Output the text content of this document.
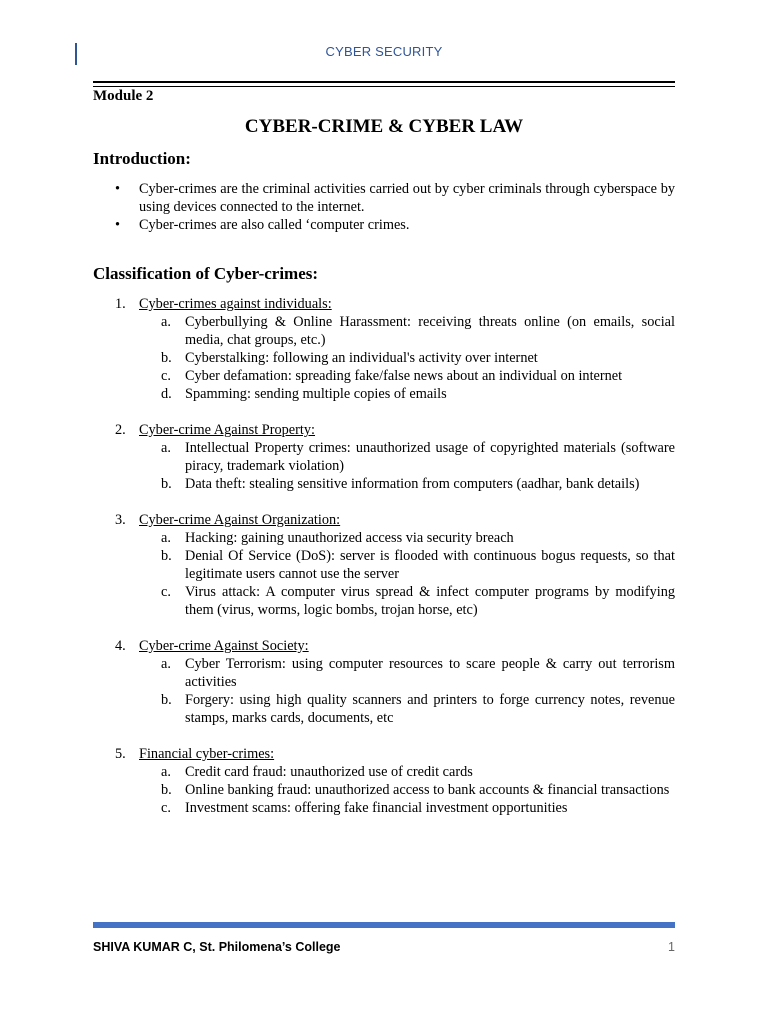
CYBER SECURITY
Module 2
CYBER-CRIME & CYBER LAW
Introduction:
• Cyber-crimes are the criminal activities carried out by cyber criminals through cyberspace by using devices connected to the internet.
• Cyber-crimes are also called ‘computer crimes.
Classification of Cyber-crimes:
1. Cyber-crimes against individuals:
a. Cyberbullying & Online Harassment: receiving threats online (on emails, social media, chat groups, etc.)
b. Cyberstalking: following an individual's activity over internet
c. Cyber defamation: spreading fake/false news about an individual on internet
d. Spamming: sending multiple copies of emails
2. Cyber-crime Against Property:
a. Intellectual Property crimes: unauthorized usage of copyrighted materials (software piracy, trademark violation)
b. Data theft: stealing sensitive information from computers (aadhar, bank details)
3. Cyber-crime Against Organization:
a. Hacking: gaining unauthorized access via security breach
b. Denial Of Service (DoS): server is flooded with continuous bogus requests, so that legitimate users cannot use the server
c. Virus attack: A computer virus spread & infect computer programs by modifying them (virus, worms, logic bombs, trojan horse, etc)
4. Cyber-crime Against Society:
a. Cyber Terrorism: using computer resources to scare people & carry out terrorism activities
b. Forgery: using high quality scanners and printers to forge currency notes, revenue stamps, marks cards, documents, etc
5. Financial cyber-crimes:
a. Credit card fraud: unauthorized use of credit cards
b. Online banking fraud: unauthorized access to bank accounts & financial transactions
c. Investment scams: offering fake financial investment opportunities
SHIVA KUMAR C, St. Philomena’s College	1
